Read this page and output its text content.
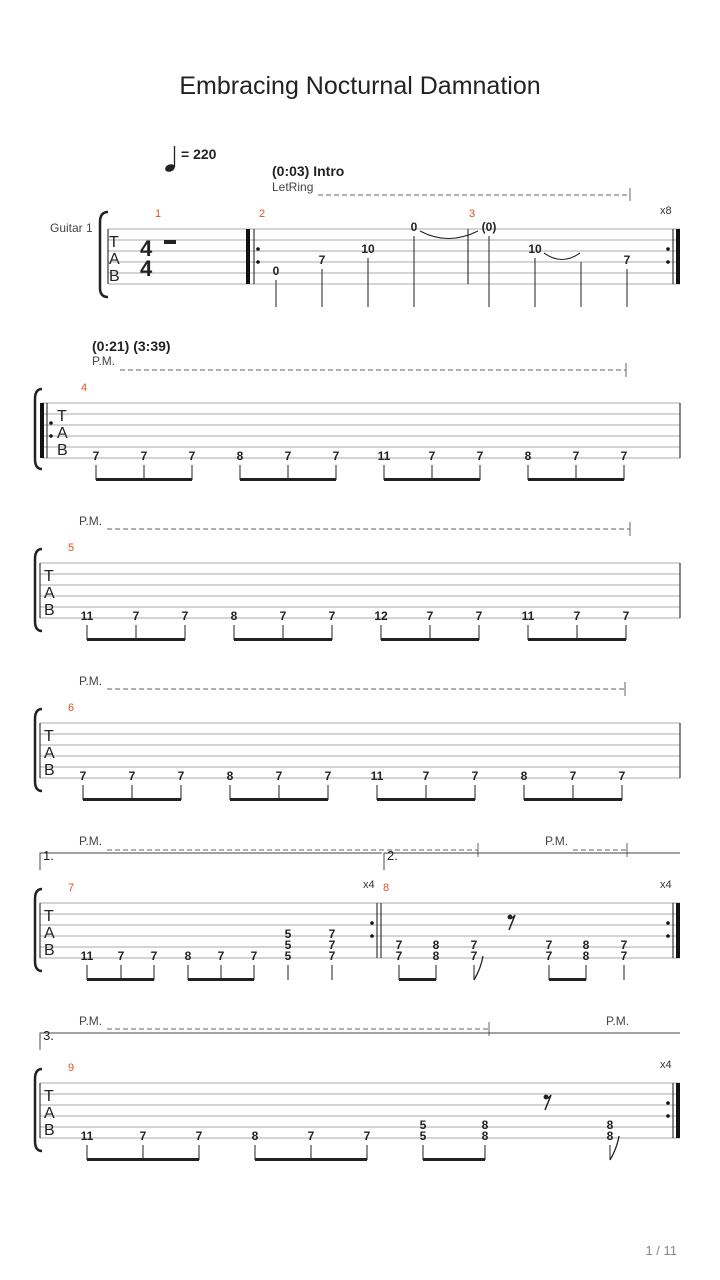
Embracing Nocturnal Damnation
= 220
(0:03) Intro
LetRing
x8
Guitar 1
T
A
B
4
4
1	2
0
7
10
0
3
(0)
10
7
(0:21) (3:39)
P.M.
T
A
B
4
7	7	7	8	7	7	11	7	7	8	7	7
P.M.
T
A
B
5
11	7	7	8	7	7	12	7	7	11	7	7
P.M.
T
A
B
6
7	7	7	8	7	7	11	7	7	8	7	7
P.M.	P.M.
1.	2.
T
A
B
7	x4
11 7 7 8 7 7
5
5
5
7
7
7
8	x4
7
7
8
8
7
7
7
7
8
8
7
7
P.M.	P.M.
3.
T
A
B
9	x4
11	7	7	8	7	7
5
5
8
8
8
8
1 / 11
